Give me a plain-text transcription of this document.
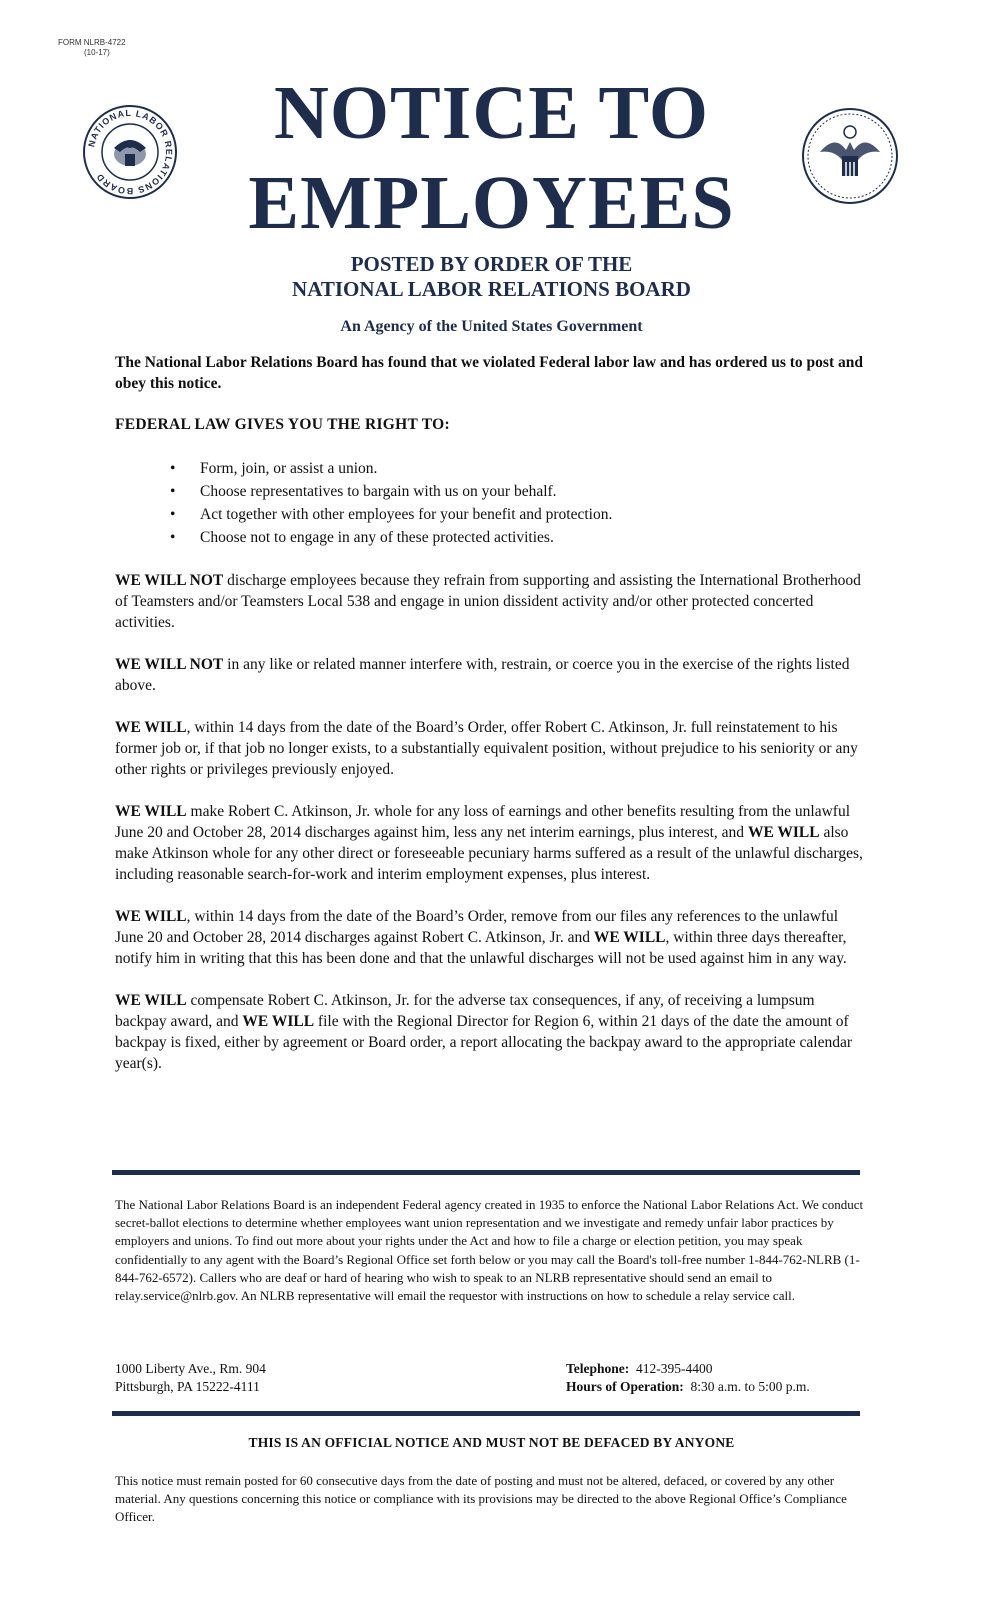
FORM NLRB-4722
(10-17)
NATIONAL LABOR RELATIONS BOARD
NOTICE TO
EMPLOYEES
POSTED BY ORDER OF THE
NATIONAL LABOR RELATIONS BOARD
An Agency of the United States Government

The National Labor Relations Board has found that we violated Federal labor law and has ordered us to post and obey this notice.

FEDERAL LAW GIVES YOU THE RIGHT TO:

• Form, join, or assist a union.
• Choose representatives to bargain with us on your behalf.
• Act together with other employees for your benefit and protection.
• Choose not to engage in any of these protected activities.

WE WILL NOT discharge employees because they refrain from supporting and assisting the International Brotherhood of Teamsters and/or Teamsters Local 538 and engage in union dissident activity and/or other protected concerted activities.

WE WILL NOT in any like or related manner interfere with, restrain, or coerce you in the exercise of the rights listed above.

WE WILL, within 14 days from the date of the Board’s Order, offer Robert C. Atkinson, Jr. full reinstatement to his former job or, if that job no longer exists, to a substantially equivalent position, without prejudice to his seniority or any other rights or privileges previously enjoyed.

WE WILL make Robert C. Atkinson, Jr. whole for any loss of earnings and other benefits resulting from the unlawful June 20 and October 28, 2014 discharges against him, less any net interim earnings, plus interest, and WE WILL also make Atkinson whole for any other direct or foreseeable pecuniary harms suffered as a result of the unlawful discharges, including reasonable search-for-work and interim employment expenses, plus interest.

WE WILL, within 14 days from the date of the Board’s Order, remove from our files any references to the unlawful June 20 and October 28, 2014 discharges against Robert C. Atkinson, Jr. and WE WILL, within three days thereafter, notify him in writing that this has been done and that the unlawful discharges will not be used against him in any way.

WE WILL compensate Robert C. Atkinson, Jr. for the adverse tax consequences, if any, of receiving a lumpsum backpay award, and WE WILL file with the Regional Director for Region 6, within 21 days of the date the amount of backpay is fixed, either by agreement or Board order, a report allocating the backpay award to the appropriate calendar year(s).

The National Labor Relations Board is an independent Federal agency created in 1935 to enforce the National Labor Relations Act. We conduct secret-ballot elections to determine whether employees want union representation and we investigate and remedy unfair labor practices by employers and unions. To find out more about your rights under the Act and how to file a charge or election petition, you may speak confidentially to any agent with the Board’s Regional Office set forth below or you may call the Board's toll-free number 1-844-762-NLRB (1-844-762-6572). Callers who are deaf or hard of hearing who wish to speak to an NLRB representative should send an email to relay.service@nlrb.gov. An NLRB representative will email the requestor with instructions on how to schedule a relay service call.

1000 Liberty Ave., Rm. 904
Pittsburgh, PA 15222-4111
Telephone: 412-395-4400
Hours of Operation: 8:30 a.m. to 5:00 p.m.
THIS IS AN OFFICIAL NOTICE AND MUST NOT BE DEFACED BY ANYONE

This notice must remain posted for 60 consecutive days from the date of posting and must not be altered, defaced, or covered by any other material. Any questions concerning this notice or compliance with its provisions may be directed to the above Regional Office’s Compliance Officer.
